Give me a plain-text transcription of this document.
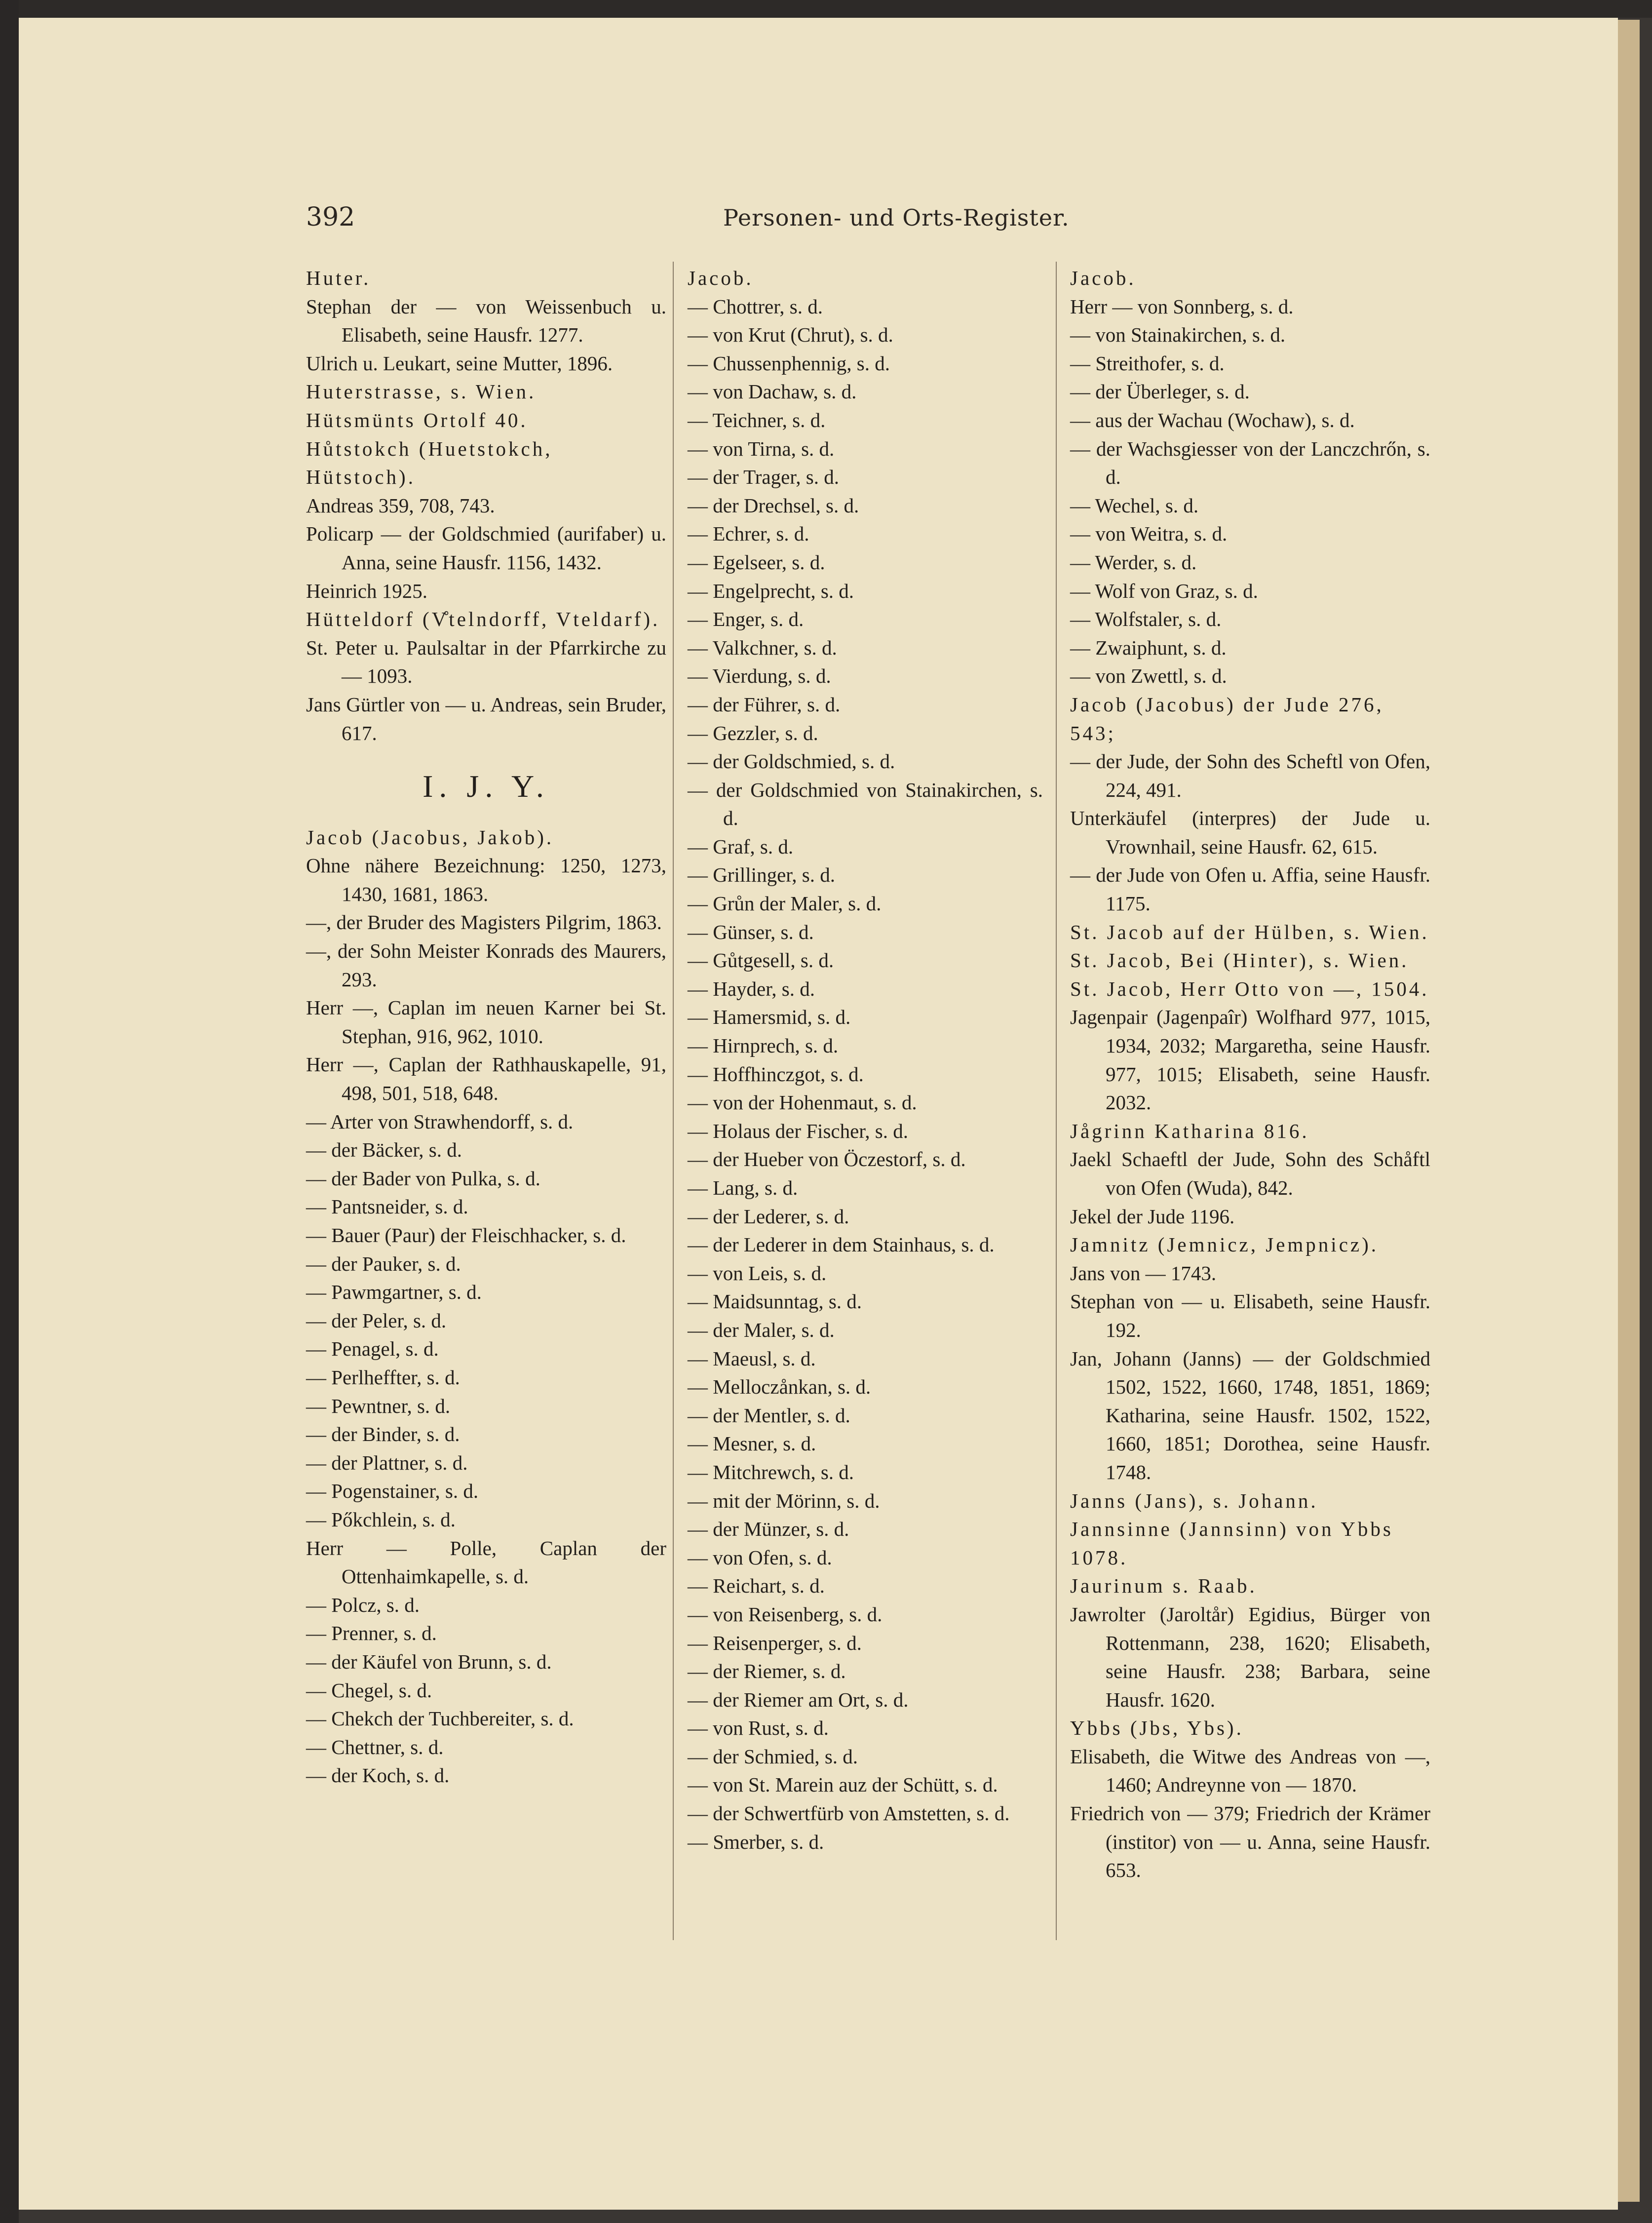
392	Personen- und Orts-Register.
Huter.
Stephan der — von Weissenbuch u. Elisabeth, seine Hausfr. 1277.
Ulrich u. Leukart, seine Mutter, 1896.
Huterstrasse, s. Wien.
Hütsmünts Ortolf 40.
Hůtstokch (Huetstokch, Hütstoch).
Andreas 359, 708, 743.
Policarp — der Goldschmied (aurifaber) u. Anna, seine Hausfr. 1156, 1432.
Heinrich 1925.
Hütteldorf (V̊telndorff, Vteldarf).
St. Peter u. Paulsaltar in der Pfarrkirche zu — 1093.
Jans Gürtler von — u. Andreas, sein Bruder, 617.
I. J. Y.
Jacob (Jacobus, Jakob).
Ohne nähere Bezeichnung: 1250, 1273, 1430, 1681, 1863.
—, der Bruder des Magisters Pilgrim, 1863.
—, der Sohn Meister Konrads des Maurers, 293.
Herr —, Caplan im neuen Karner bei St. Stephan, 916, 962, 1010.
Herr —, Caplan der Rathhauskapelle, 91, 498, 501, 518, 648.
— Arter von Strawhendorff, s. d.
— der Bäcker, s. d.
— der Bader von Pulka, s. d.
— Pantsneider, s. d.
— Bauer (Paur) der Fleischhacker, s. d.
— der Pauker, s. d.
— Pawmgartner, s. d.
— der Peler, s. d.
— Penagel, s. d.
— Perlheffter, s. d.
— Pewntner, s. d.
— der Binder, s. d.
— der Plattner, s. d.
— Pogenstainer, s. d.
— Pőkchlein, s. d.
Herr — Polle, Caplan der Ottenhaimkapelle, s. d.
— Polcz, s. d.
— Prenner, s. d.
— der Käufel von Brunn, s. d.
— Chegel, s. d.
— Chekch der Tuchbereiter, s. d.
— Chettner, s. d.
— der Koch, s. d.
Jacob.
— Chottrer, s. d.
— von Krut (Chrut), s. d.
— Chussenphennig, s. d.
— von Dachaw, s. d.
— Teichner, s. d.
— von Tirna, s. d.
— der Trager, s. d.
— der Drechsel, s. d.
— Echrer, s. d.
— Egelseer, s. d.
— Engelprecht, s. d.
— Enger, s. d.
— Valkchner, s. d.
— Vierdung, s. d.
— der Führer, s. d.
— Gezzler, s. d.
— der Goldschmied, s. d.
— der Goldschmied von Stainakirchen, s. d.
— Graf, s. d.
— Grillinger, s. d.
— Grůn der Maler, s. d.
— Günser, s. d.
— Gůtgesell, s. d.
— Hayder, s. d.
— Hamersmid, s. d.
— Hirnprech, s. d.
— Hoffhinczgot, s. d.
— von der Hohenmaut, s. d.
— Holaus der Fischer, s. d.
— der Hueber von Öczestorf, s. d.
— Lang, s. d.
— der Lederer, s. d.
— der Lederer in dem Stainhaus, s. d.
— von Leis, s. d.
— Maidsunntag, s. d.
— der Maler, s. d.
— Maeusl, s. d.
— Melloczånkan, s. d.
— der Mentler, s. d.
— Mesner, s. d.
— Mitchrewch, s. d.
— mit der Mörinn, s. d.
— der Münzer, s. d.
— von Ofen, s. d.
— Reichart, s. d.
— von Reisenberg, s. d.
— Reisenperger, s. d.
— der Riemer, s. d.
— der Riemer am Ort, s. d.
— von Rust, s. d.
— der Schmied, s. d.
— von St. Marein auz der Schütt, s. d.
— der Schwertfürb von Amstetten, s. d.
— Smerber, s. d.
Jacob.
Herr — von Sonnberg, s. d.
— von Stainakirchen, s. d.
— Streithofer, s. d.
— der Überleger, s. d.
— aus der Wachau (Wochaw), s. d.
— der Wachsgiesser von der Lanczchrőn, s. d.
— Wechel, s. d.
— von Weitra, s. d.
— Werder, s. d.
— Wolf von Graz, s. d.
— Wolfstaler, s. d.
— Zwaiphunt, s. d.
— von Zwettl, s. d.
Jacob (Jacobus) der Jude 276, 543;
— der Jude, der Sohn des Scheftl von Ofen, 224, 491.
Unterkäufel (interpres) der Jude u. Vrownhail, seine Hausfr. 62, 615.
— der Jude von Ofen u. Affia, seine Hausfr. 1175.
St. Jacob auf der Hülben, s. Wien.
St. Jacob, Bei (Hinter), s. Wien.
St. Jacob, Herr Otto von —, 1504.
Jagenpair (Jagenpaîr) Wolfhard 977, 1015, 1934, 2032; Margaretha, seine Hausfr. 977, 1015; Elisabeth, seine Hausfr. 2032.
Jågrinn Katharina 816.
Jaekl Schaeftl der Jude, Sohn des Schåftl von Ofen (Wuda), 842.
Jekel der Jude 1196.
Jamnitz (Jemnicz, Jempnicz).
Jans von — 1743.
Stephan von — u. Elisabeth, seine Hausfr. 192.
Jan, Johann (Janns) — der Goldschmied 1502, 1522, 1660, 1748, 1851, 1869; Katharina, seine Hausfr. 1502, 1522, 1660, 1851; Dorothea, seine Hausfr. 1748.
Janns (Jans), s. Johann.
Jannsinne (Jannsinn) von Ybbs 1078.
Jaurinum s. Raab.
Jawrolter (Jaroltår) Egidius, Bürger von Rottenmann, 238, 1620; Elisabeth, seine Hausfr. 238; Barbara, seine Hausfr. 1620.
Ybbs (Jbs, Ybs).
Elisabeth, die Witwe des Andreas von —, 1460; Andreynne von — 1870.
Friedrich von — 379; Friedrich der Krämer (institor) von — u. Anna, seine Hausfr. 653.
